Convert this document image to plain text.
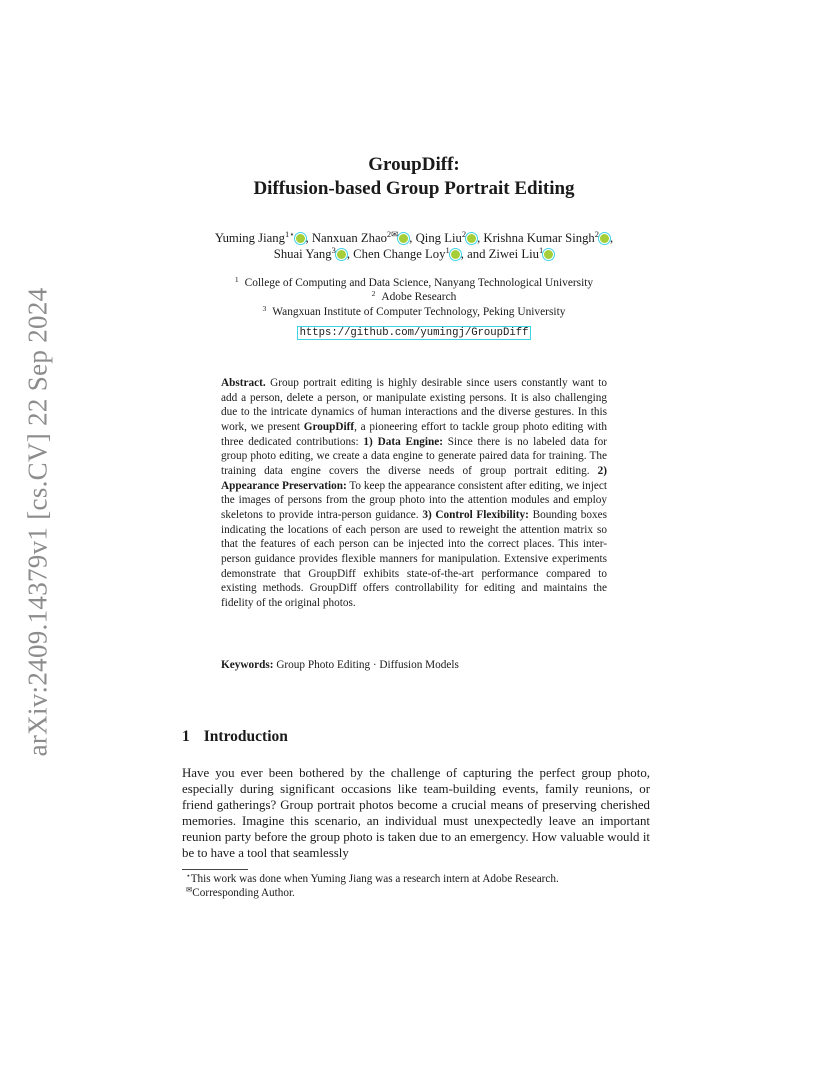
arXiv:2409.14379v1 [cs.CV] 22 Sep 2024
GroupDiff:
Diffusion-based Group Portrait Editing
Yuming Jiang$^{1⋆}$ , Nanxuan Zhao$^{2✉}$ , Qing Liu$^2$ , Krishna Kumar Singh$^2$ ,
Shuai Yang$^3$ , Chen Change Loy$^1$ , and Ziwei Liu$^1$
$^1$ College of Computing and Data Science, Nanyang Technological University
$^2$ Adobe Research
$^3$ Wangxuan Institute of Computer Technology, Peking University
https://github.com/yumingj/GroupDiff

Abstract. Group portrait editing is highly desirable since users constantly want to add a person, delete a person, or manipulate existing persons. It is also challenging due to the intricate dynamics of human interactions and the diverse gestures. In this work, we present GroupDiff, a pioneering effort to tackle group photo editing with three dedicated contributions: 1) Data Engine: Since there is no labeled data for group photo editing, we create a data engine to generate paired data for training. The training data engine covers the diverse needs of group portrait editing. 2) Appearance Preservation: To keep the appearance consistent after editing, we inject the images of persons from the group photo into the attention modules and employ skeletons to provide intra-person guidance. 3) Control Flexibility: Bounding boxes indicating the locations of each person are used to reweight the attention matrix so that the features of each person can be injected into the correct places. This inter-person guidance provides flexible manners for manipulation. Extensive experiments demonstrate that GroupDiff exhibits state-of-the-art performance compared to existing methods. GroupDiff offers controllability for editing and maintains the fidelity of the original photos.

Keywords: Group Photo Editing · Diffusion Models
1 Introduction

Have you ever been bothered by the challenge of capturing the perfect group photo, especially during significant occasions like team-building events, family reunions, or friend gatherings? Group portrait photos become a crucial means of preserving cherished memories. Imagine this scenario, an individual must unexpectedly leave an important reunion party before the group photo is taken due to an emergency. How valuable would it be to have a tool that seamlessly

⋆This work was done when Yuming Jiang was a research intern at Adobe Research.
✉Corresponding Author.
